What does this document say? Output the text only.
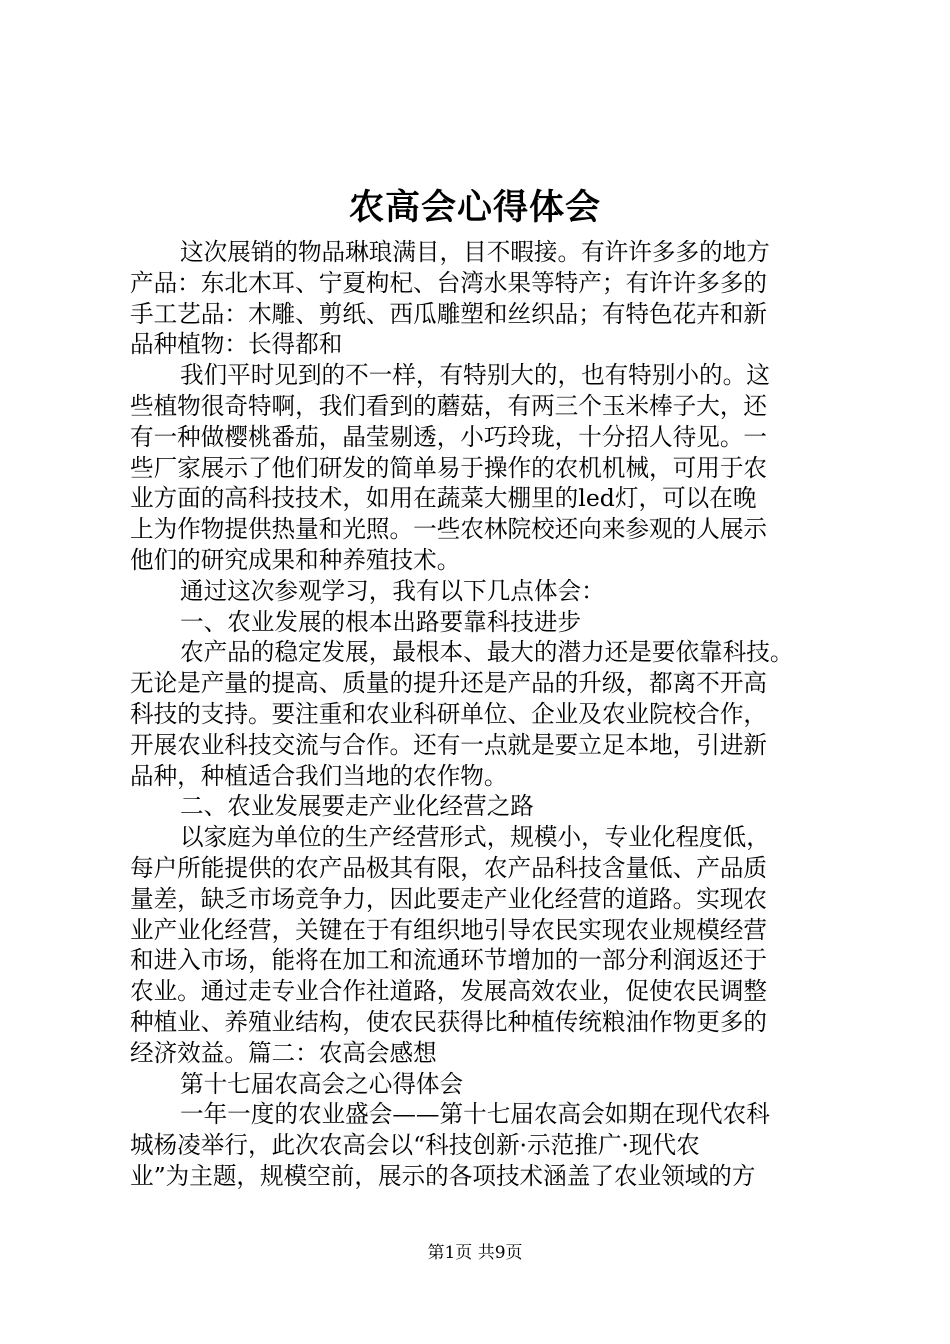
农高会心得体会
这次展销的物品琳琅满目，目不暇接。有许许多多的地方
产品：东北木耳、宁夏枸杞、台湾水果等特产；有许许多多的
手工艺品：木雕、剪纸、西瓜雕塑和丝织品；有特色花卉和新
品种植物：长得都和
我们平时见到的不一样，有特别大的，也有特别小的。这
些植物很奇特啊，我们看到的蘑菇，有两三个玉米棒子大，还
有一种做樱桃番茄，晶莹剔透，小巧玲珑，十分招人待见。一
些厂家展示了他们研发的简单易于操作的农机机械，可用于农
业方面的高科技技术，如用在蔬菜大棚里的led灯，可以在晚
上为作物提供热量和光照。一些农林院校还向来参观的人展示
他们的研究成果和种养殖技术。
通过这次参观学习，我有以下几点体会：
一、农业发展的根本出路要靠科技进步
农产品的稳定发展，最根本、最大的潜力还是要依靠科技。
无论是产量的提高、质量的提升还是产品的升级，都离不开高
科技的支持。要注重和农业科研单位、企业及农业院校合作，
开展农业科技交流与合作。还有一点就是要立足本地，引进新
品种，种植适合我们当地的农作物。
二、农业发展要走产业化经营之路
以家庭为单位的生产经营形式，规模小，专业化程度低，
每户所能提供的农产品极其有限，农产品科技含量低、产品质
量差，缺乏市场竞争力，因此要走产业化经营的道路。实现农
业产业化经营，关键在于有组织地引导农民实现农业规模经营
和进入市场，能将在加工和流通环节增加的一部分利润返还于
农业。通过走专业合作社道路，发展高效农业，促使农民调整
种植业、养殖业结构，使农民获得比种植传统粮油作物更多的
经济效益。篇二：农高会感想
第十七届农高会之心得体会
一年一度的农业盛会——第十七届农高会如期在现代农科
城杨凌举行，此次农高会以“科技创新·示范推广·现代农
业”为主题，规模空前，展示的各项技术涵盖了农业领域的方
第1页 共9页
